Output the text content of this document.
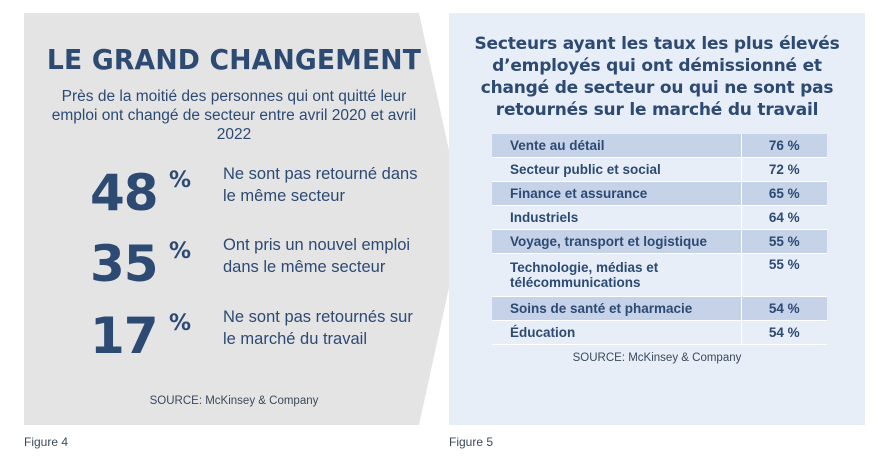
LE GRAND CHANGEMENT

Près de la moitié des personnes qui ont quitté leur emploi ont changé de secteur entre avril 2020 et avril 2022

48 % Ne sont pas retourné dans le même secteur
35 % Ont pris un nouvel emploi dans le même secteur
17 % Ne sont pas retournés sur le marché du travail
SOURCE: McKinsey & Company
Figure 4
Secteurs ayant les taux les plus élevés d’employés qui ont démissionné et changé de secteur ou qui ne sont pas retournés sur le marché du travail
Vente au détail	76 %
Secteur public et social	72 %
Finance et assurance	65 %
Industriels	64 %
Voyage, transport et logistique	55 %
Technologie, médias et télécommunications	55 %
Soins de santé et pharmacie	54 %
Éducation	54 %
SOURCE: McKinsey & Company
Figure 5
